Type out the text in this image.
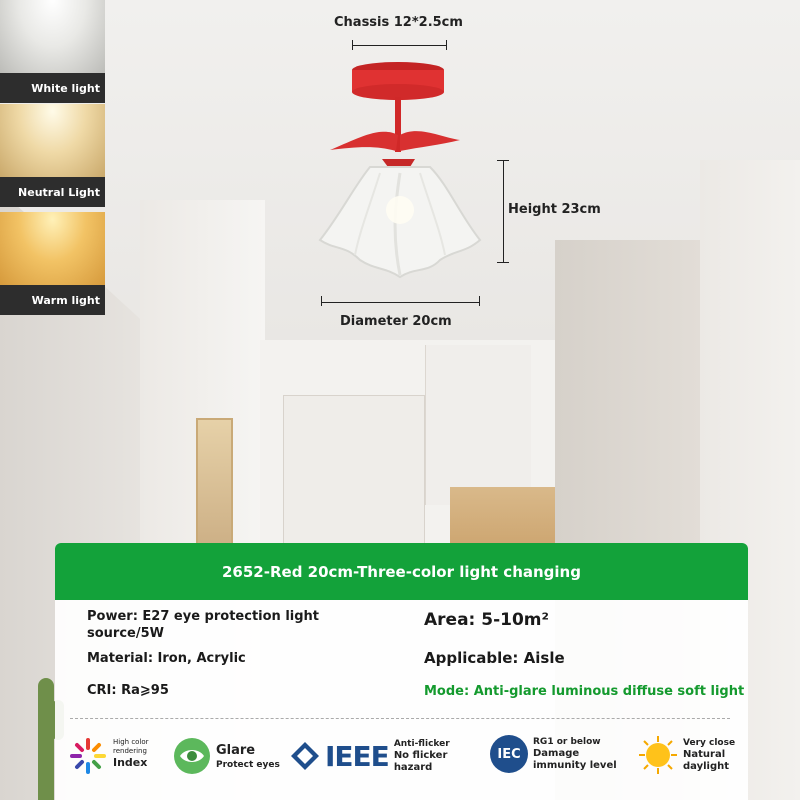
White light
Neutral Light
Warm light
Chassis 12*2.5cm
Height 23cm
Diameter 20cm
2652-Red 20cm-Three-color light changing
Power: E27 eye protection light
source/5W
Material: Iron, Acrylic
CRI: Ra⩾95
Area: 5-10m²
Applicable: Aisle
Mode: Anti-glare luminous diffuse soft light
High color
rendering
Index
Glare
Protect eyes IEEE Anti-flicker
No flicker
hazard
IEC
RG1 or below
Damage
immunity level
Very close
Natural
daylight
